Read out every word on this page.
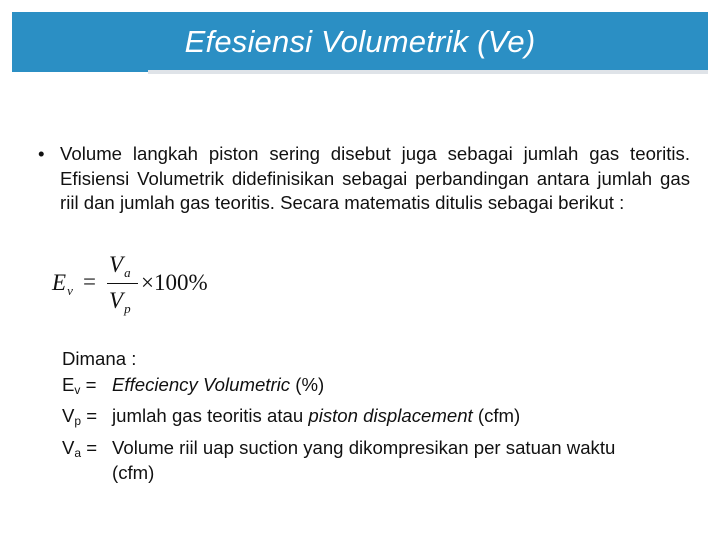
Efesiensi Volumetrik (Ve)
• Volume langkah piston sering disebut juga sebagai jumlah gas teoritis. Efisiensi Volumetrik didefinisikan sebagai perbandingan antara jumlah gas riil dan jumlah gas teoritis. Secara matematis ditulis sebagai berikut :
$E_v$ =
$V_a$
$V_p$
×100%
Dimana :
$E_v$ = Effeciency Volumetric (%)
$V_p$ = jumlah gas teoritis atau piston displacement (cfm)
$V_a$ = Volume riil uap suction yang dikompresikan per satuan waktu (cfm)
